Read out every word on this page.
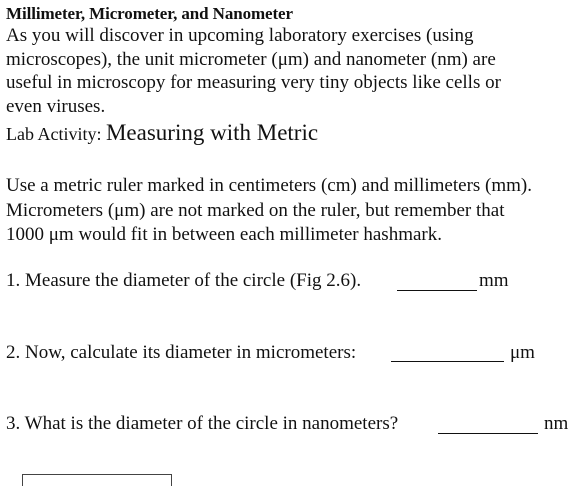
Millimeter, Micrometer, and Nanometer
As you will discover in upcoming laboratory exercises (using
microscopes), the unit micrometer (μm) and nanometer (nm) are
useful in microscopy for measuring very tiny objects like cells or
even viruses.
Lab Activity: Measuring with Metric
Use a metric ruler marked in centimeters (cm) and millimeters (mm).
Micrometers (μm) are not marked on the ruler, but remember that
1000 μm would fit in between each millimeter hashmark.
1. Measure the diameter of the circle (Fig 2.6).	mm
2. Now, calculate its diameter in micrometers:	μm
3. What is the diameter of the circle in nanometers?	nm
